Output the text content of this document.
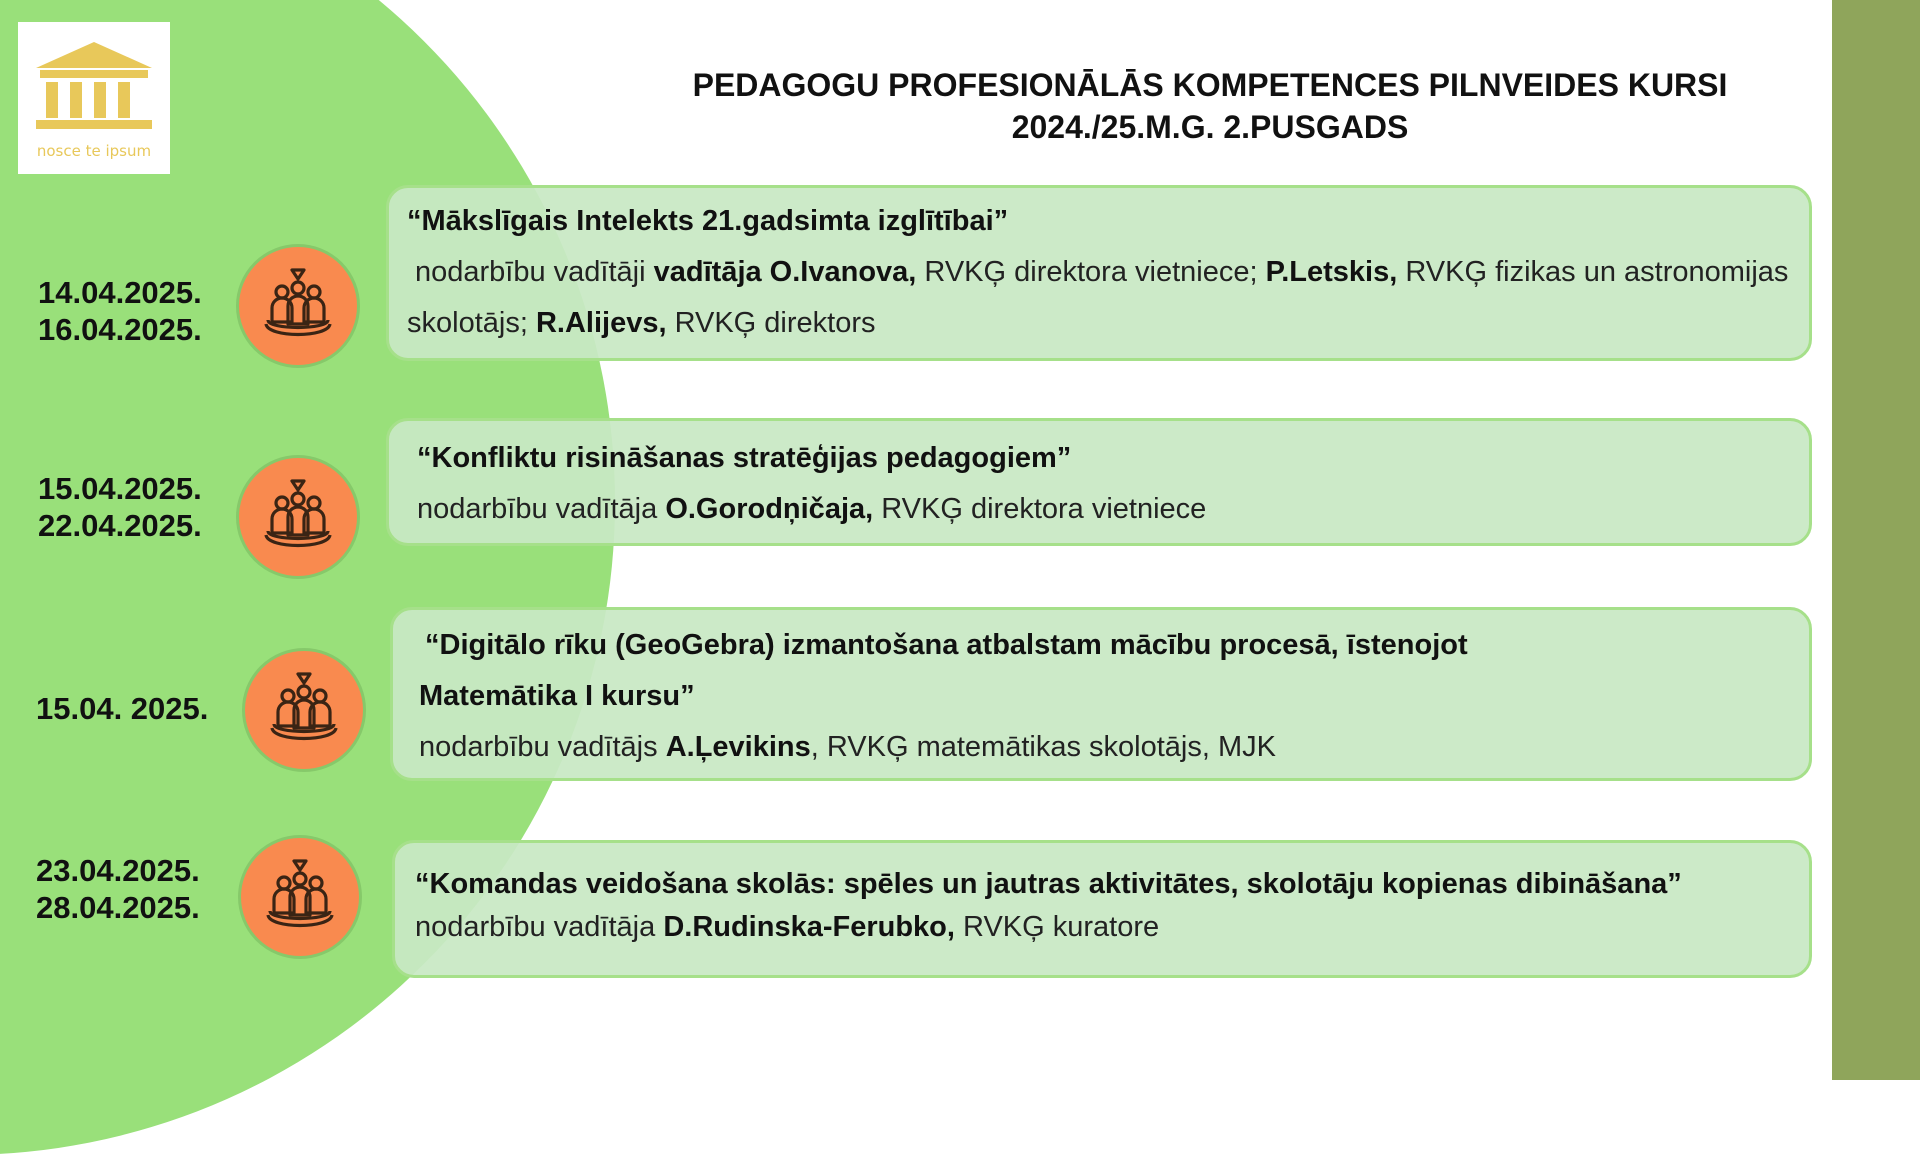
nosce te ipsum
PEDAGOGU PROFESIONĀLĀS KOMPETENCES PILNVEIDES KURSI
2024./25.M.G. 2.PUSGADS
14.04.2025.
16.04.2025.
“Mākslīgais Intelekts 21.gadsimta izglītībai”
nodarbību vadītāji vadītāja O.Ivanova, RVKĢ direktora vietniece; P.Letskis, RVKĢ fizikas un astronomijas skolotājs; R.Alijevs, RVKĢ direktors
15.04.2025.
22.04.2025.
“Konfliktu risināšanas stratēģijas pedagogiem”
nodarbību vadītāja O.Gorodņičaja, RVKĢ direktora vietniece
15.04. 2025.
“Digitālo rīku (GeoGebra) izmantošana atbalstam mācību procesā, īstenojot
Matemātika I kursu”
nodarbību vadītājs A.Ļevikins, RVKĢ matemātikas skolotājs, MJK
23.04.2025.
28.04.2025.
“Komandas veidošana skolās: spēles un jautras aktivitātes, skolotāju kopienas dibināšana”
nodarbību vadītāja D.Rudinska-Ferubko, RVKĢ kuratore
